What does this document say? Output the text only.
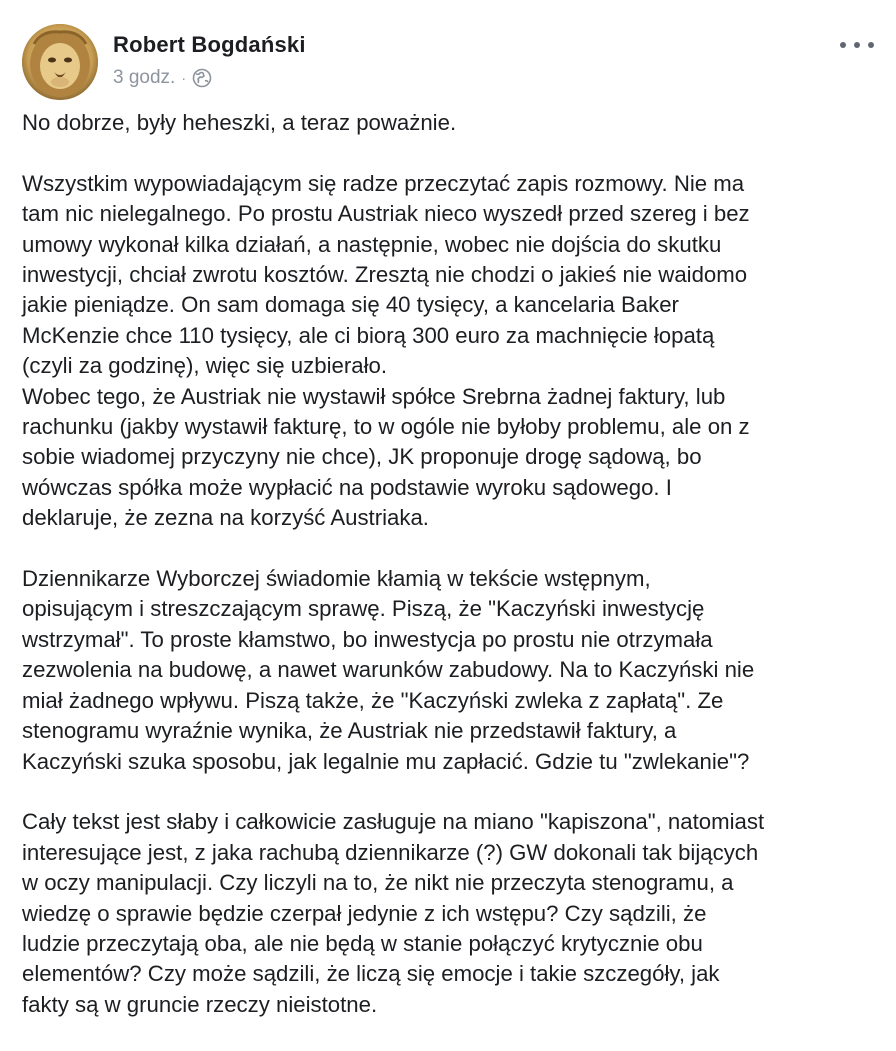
Robert Bogdański
3 godz. ·
No dobrze, były heheszki, a teraz poważnie.
Wszystkim wypowiadającym się radze przeczytać zapis rozmowy. Nie ma
tam nic nielegalnego. Po prostu Austriak nieco wyszedł przed szereg i bez
umowy wykonał kilka działań, a następnie, wobec nie dojścia do skutku
inwestycji, chciał zwrotu kosztów. Zresztą nie chodzi o jakieś nie waidomo
jakie pieniądze. On sam domaga się 40 tysięcy, a kancelaria Baker
McKenzie chce 110 tysięcy, ale ci biorą 300 euro za machnięcie łopatą
(czyli za godzinę), więc się uzbierało.
Wobec tego, że Austriak nie wystawił spółce Srebrna żadnej faktury, lub
rachunku (jakby wystawił fakturę, to w ogóle nie byłoby problemu, ale on z
sobie wiadomej przyczyny nie chce), JK proponuje drogę sądową, bo
wówczas spółka może wypłacić na podstawie wyroku sądowego. I
deklaruje, że zezna na korzyść Austriaka.
Dziennikarze Wyborczej świadomie kłamią w tekście wstępnym,
opisującym i streszczającym sprawę. Piszą, że "Kaczyński inwestycję
wstrzymał". To proste kłamstwo, bo inwestycja po prostu nie otrzymała
zezwolenia na budowę, a nawet warunków zabudowy. Na to Kaczyński nie
miał żadnego wpływu. Piszą także, że "Kaczyński zwleka z zapłatą". Ze
stenogramu wyraźnie wynika, że Austriak nie przedstawił faktury, a
Kaczyński szuka sposobu, jak legalnie mu zapłacić. Gdzie tu "zwlekanie"?
Cały tekst jest słaby i całkowicie zasługuje na miano "kapiszona", natomiast
interesujące jest, z jaka rachubą dziennikarze (?) GW dokonali tak bijących
w oczy manipulacji. Czy liczyli na to, że nikt nie przeczyta stenogramu, a
wiedzę o sprawie będzie czerpał jedynie z ich wstępu? Czy sądzili, że
ludzie przeczytają oba, ale nie będą w stanie połączyć krytycznie obu
elementów? Czy może sądzili, że liczą się emocje i takie szczegóły, jak
fakty są w gruncie rzeczy nieistotne.
